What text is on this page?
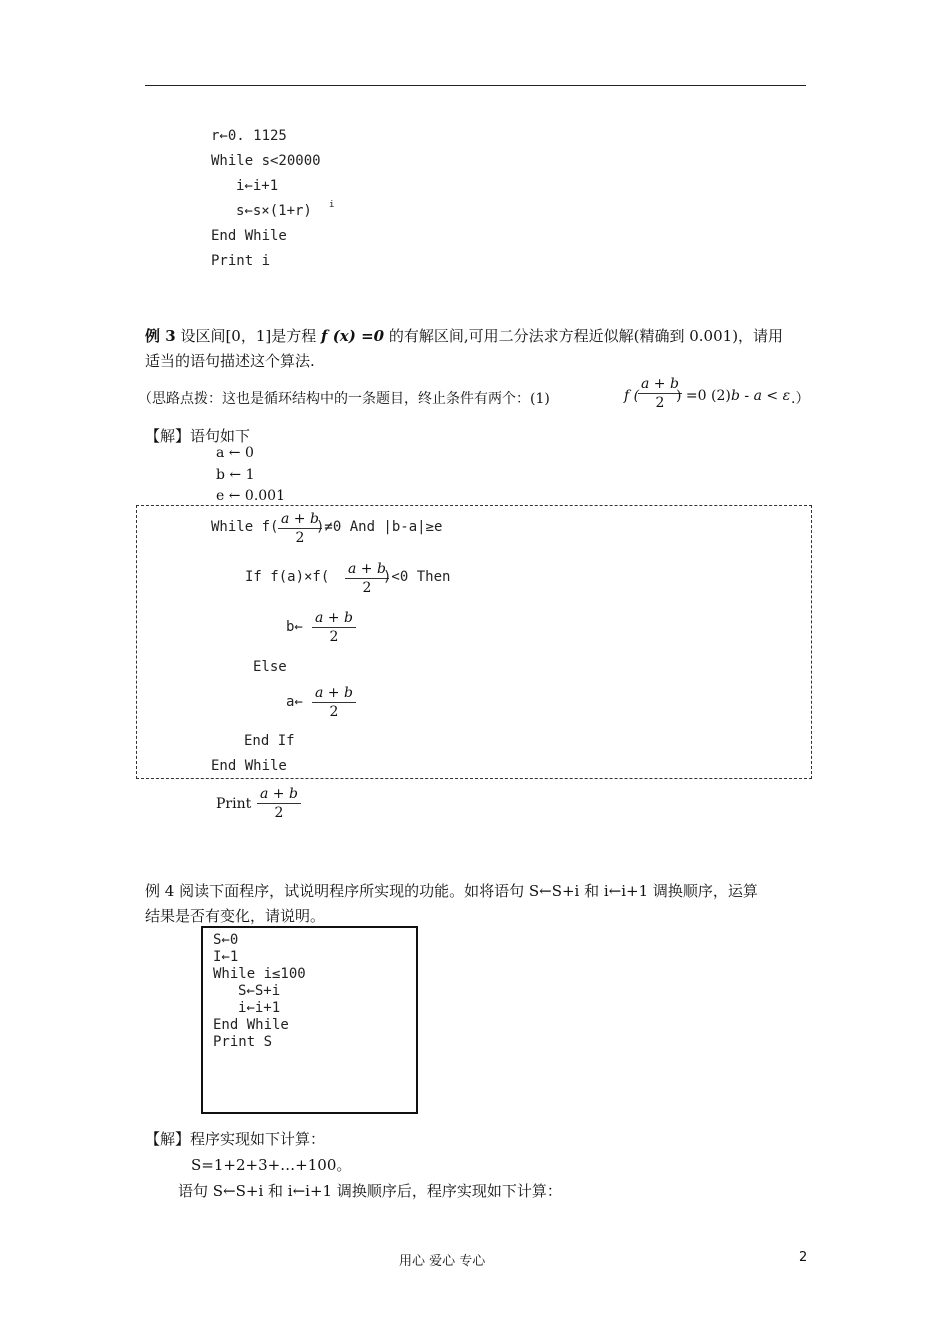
r←0. 1125
While s<20000
i←i+1
s←s×(1+r) i
End While
Print i
例 3 设区间[0，1]是方程 f (x) =0 的有解区间,可用二分法求方程近似解(精确到 0.001)，请用
适当的语句描述这个算法.
（思路点拨：这也是循环结构中的一条题目，终止条件有两个：(1)	f (
a + b
2 ) =0 (2) b - a < ε .）
【解】语句如下
a ← 0
b ← 1
e ← 0.001
While f( a + b
2
)≠0 And |b-a|≥e
If f(a)×f( a + b
2
)<0 Then
b←
a + b
2
Else
a←
a + b
2
End If
End While
Print
a + b
2
例 4 阅读下面程序，试说明程序所实现的功能。如将语句 S←S+i 和 i←i+1 调换顺序，运算
结果是否有变化，请说明。
S←0
I←1
While i≤100
S←S+i
i←i+1
End While
Print S
【解】程序实现如下计算：
S=1+2+3+…+100。
语句 S←S+i 和 i←i+1 调换顺序后，程序实现如下计算：
用心 爱心 专心	2
